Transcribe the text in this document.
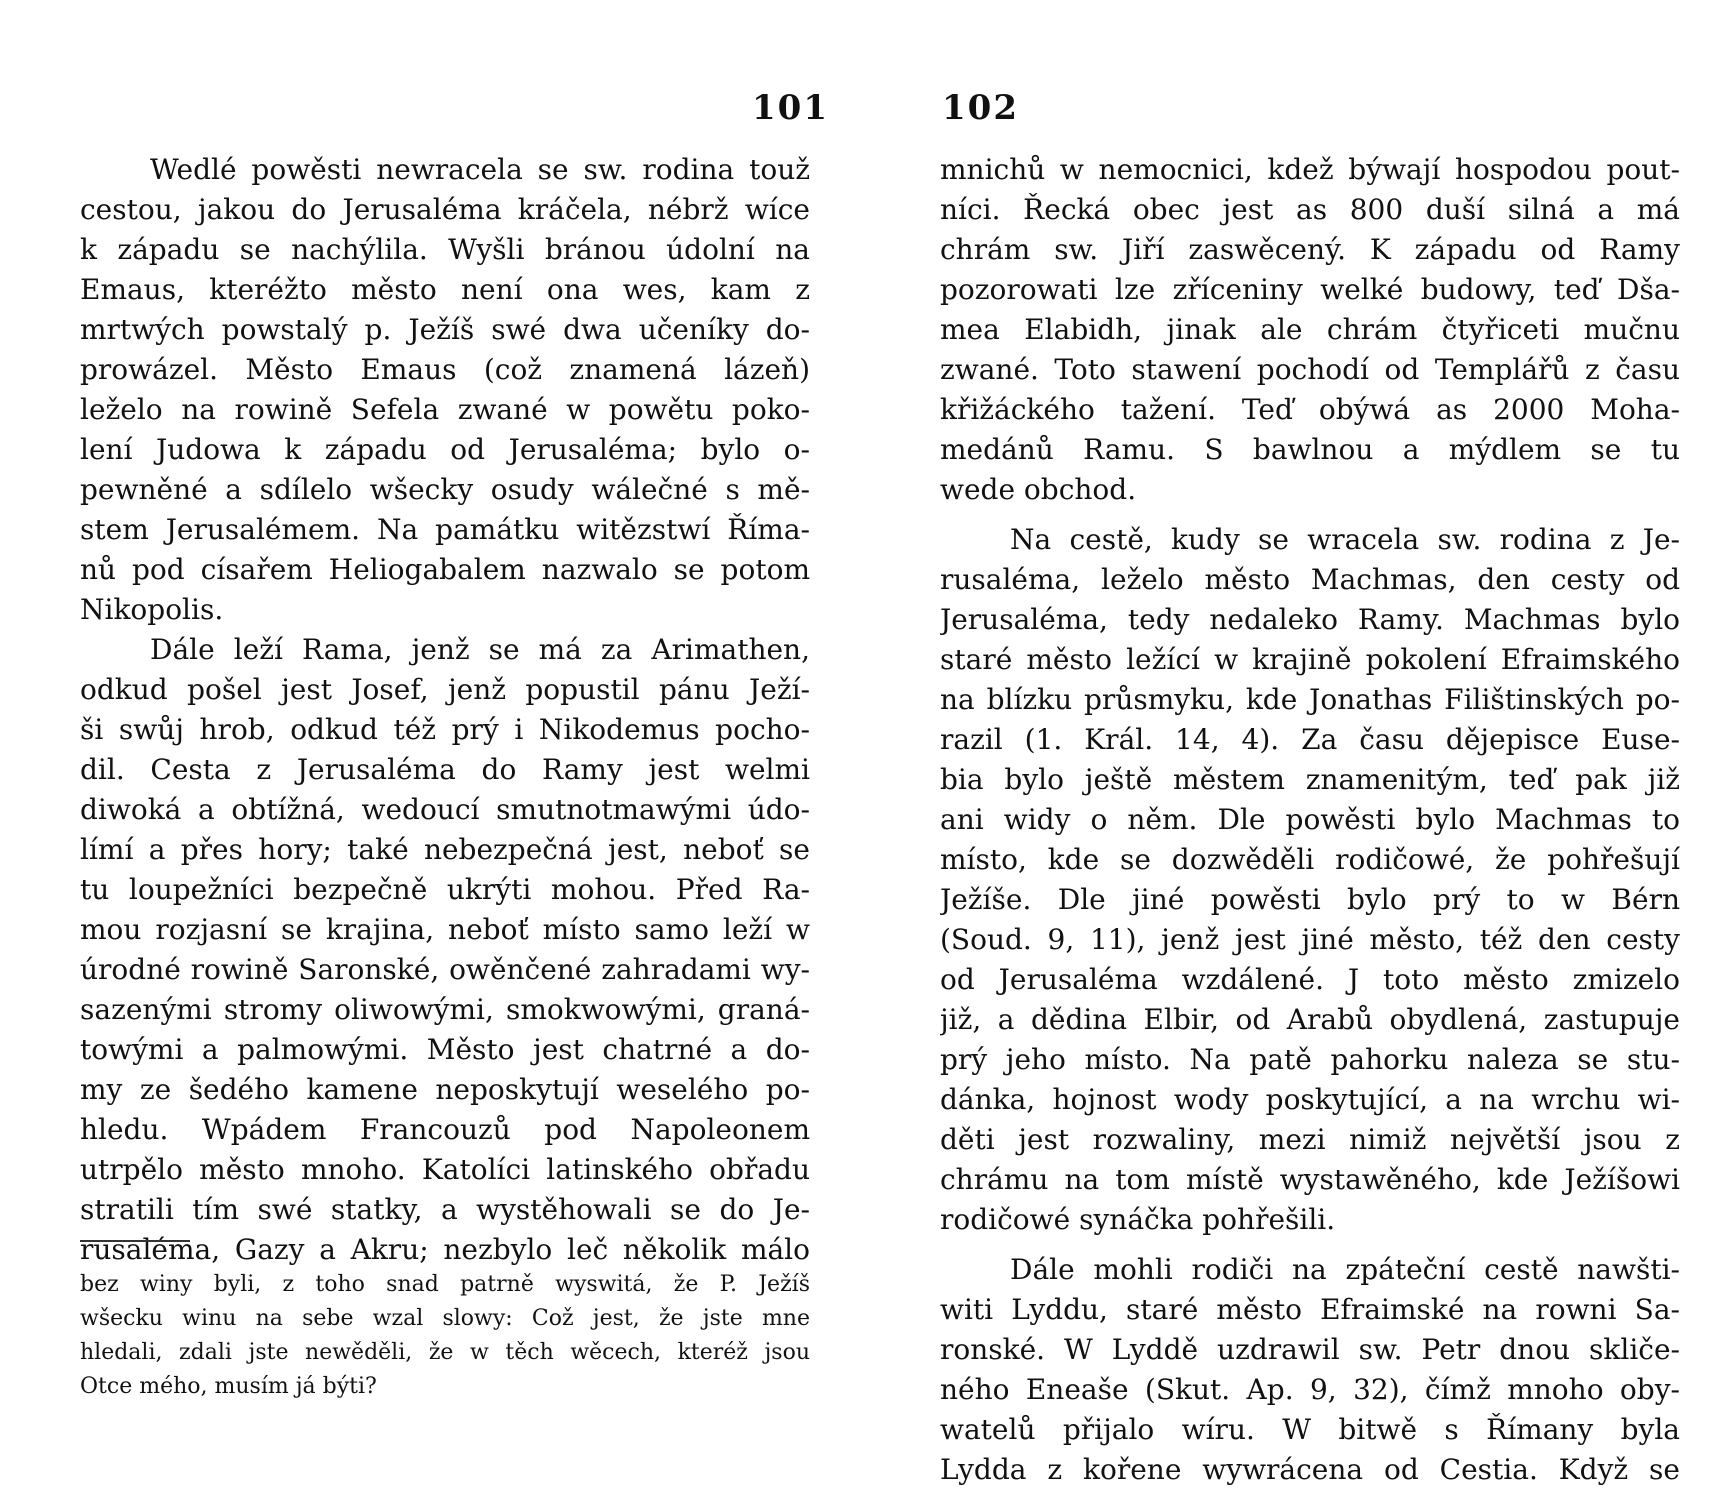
101
Wedlé powěsti newracela se sw. rodina touž
cestou, jakou do Jerusaléma kráčela, nébrž wíce
k západu se nachýlila. Wyšli bránou údolní na
Emaus, kteréžto město není ona wes, kam z
mrtwých powstalý p. Ježíš swé dwa učeníky do-
prowázel. Město Emaus (což znamená lázeň)
leželo na rowině Sefela zwané w powětu poko-
lení Judowa k západu od Jerusaléma; bylo o-
pewněné a sdílelo wšecky osudy wálečné s mě-
stem Jerusalémem. Na památku witězstwí Říma-
nů pod císařem Heliogabalem nazwalo se potom
Nikopolis.
Dále leží Rama, jenž se má za Arimathen,
odkud pošel jest Josef, jenž popustil pánu Ježí-
ši swůj hrob, odkud též prý i Nikodemus pocho-
dil. Cesta z Jerusaléma do Ramy jest welmi
diwoká a obtížná, wedoucí smutnotmawými údo-
límí a přes hory; také nebezpečná jest, neboť se
tu loupežníci bezpečně ukrýti mohou. Před Ra-
mou rozjasní se krajina, neboť místo samo leží w
úrodné rowině Saronské, owěnčené zahradami wy-
sazenými stromy oliwowými, smokwowými, graná-
towými a palmowými. Město jest chatrné a do-
my ze šedého kamene neposkytují weselého po-
hledu. Wpádem Francouzů pod Napoleonem
utrpělo město mnoho. Katolíci latinského obřadu
stratili tím swé statky, a wystěhowali se do Je-
rusaléma, Gazy a Akru; nezbylo leč několik málo
bez winy byli, z toho snad patrně wyswitá, že P. Ježíš
wšecku winu na sebe wzal slowy: Což jest, že jste mne
hledali, zdali jste newěděli, že w těch wěcech, kteréž jsou
Otce mého, musím já býti?
102
mnichů w nemocnici, kdež býwají hospodou pout-
níci. Řecká obec jest as 800 duší silná a má
chrám sw. Jiří zaswěcený. K západu od Ramy
pozorowati lze zříceniny welké budowy, teď Dša-
mea Elabidh, jinak ale chrám čtyřiceti mučnu
zwané. Toto stawení pochodí od Templářů z času
křižáckého tažení. Teď obýwá as 2000 Moha-
medánů Ramu. S bawlnou a mýdlem se tu
wede obchod.
Na cestě, kudy se wracela sw. rodina z Je-
rusaléma, leželo město Machmas, den cesty od
Jerusaléma, tedy nedaleko Ramy. Machmas bylo
staré město ležící w krajině pokolení Efraimského
na blízku průsmyku, kde Jonathas Filištinských po-
razil (1. Král. 14, 4). Za času dějepisce Euse-
bia bylo ještě městem znamenitým, teď pak již
ani widy o něm. Dle powěsti bylo Machmas to
místo, kde se dozwěděli rodičowé, že pohřešují
Ježíše. Dle jiné powěsti bylo prý to w Bérn
(Soud. 9, 11), jenž jest jiné město, též den cesty
od Jerusaléma wzdálené. J toto město zmizelo
již, a dědina Elbir, od Arabů obydlená, zastupuje
prý jeho místo. Na patě pahorku naleza se stu-
dánka, hojnost wody poskytující, a na wrchu wi-
děti jest rozwaliny, mezi nimiž největší jsou z
chrámu na tom místě wystawěného, kde Ježíšowi
rodičowé synáčka pohřešili.
Dále mohli rodiči na zpáteční cestě nawšti-
witi Lyddu, staré město Efraimské na rowni Sa-
ronské. W Lyddě uzdrawil sw. Petr dnou skliče-
ného Eneaše (Skut. Ap. 9, 32), čímž mnoho oby-
watelů přijalo wíru. W bitwě s Římany byla
Lydda z kořene wywrácena od Cestia. Když se
